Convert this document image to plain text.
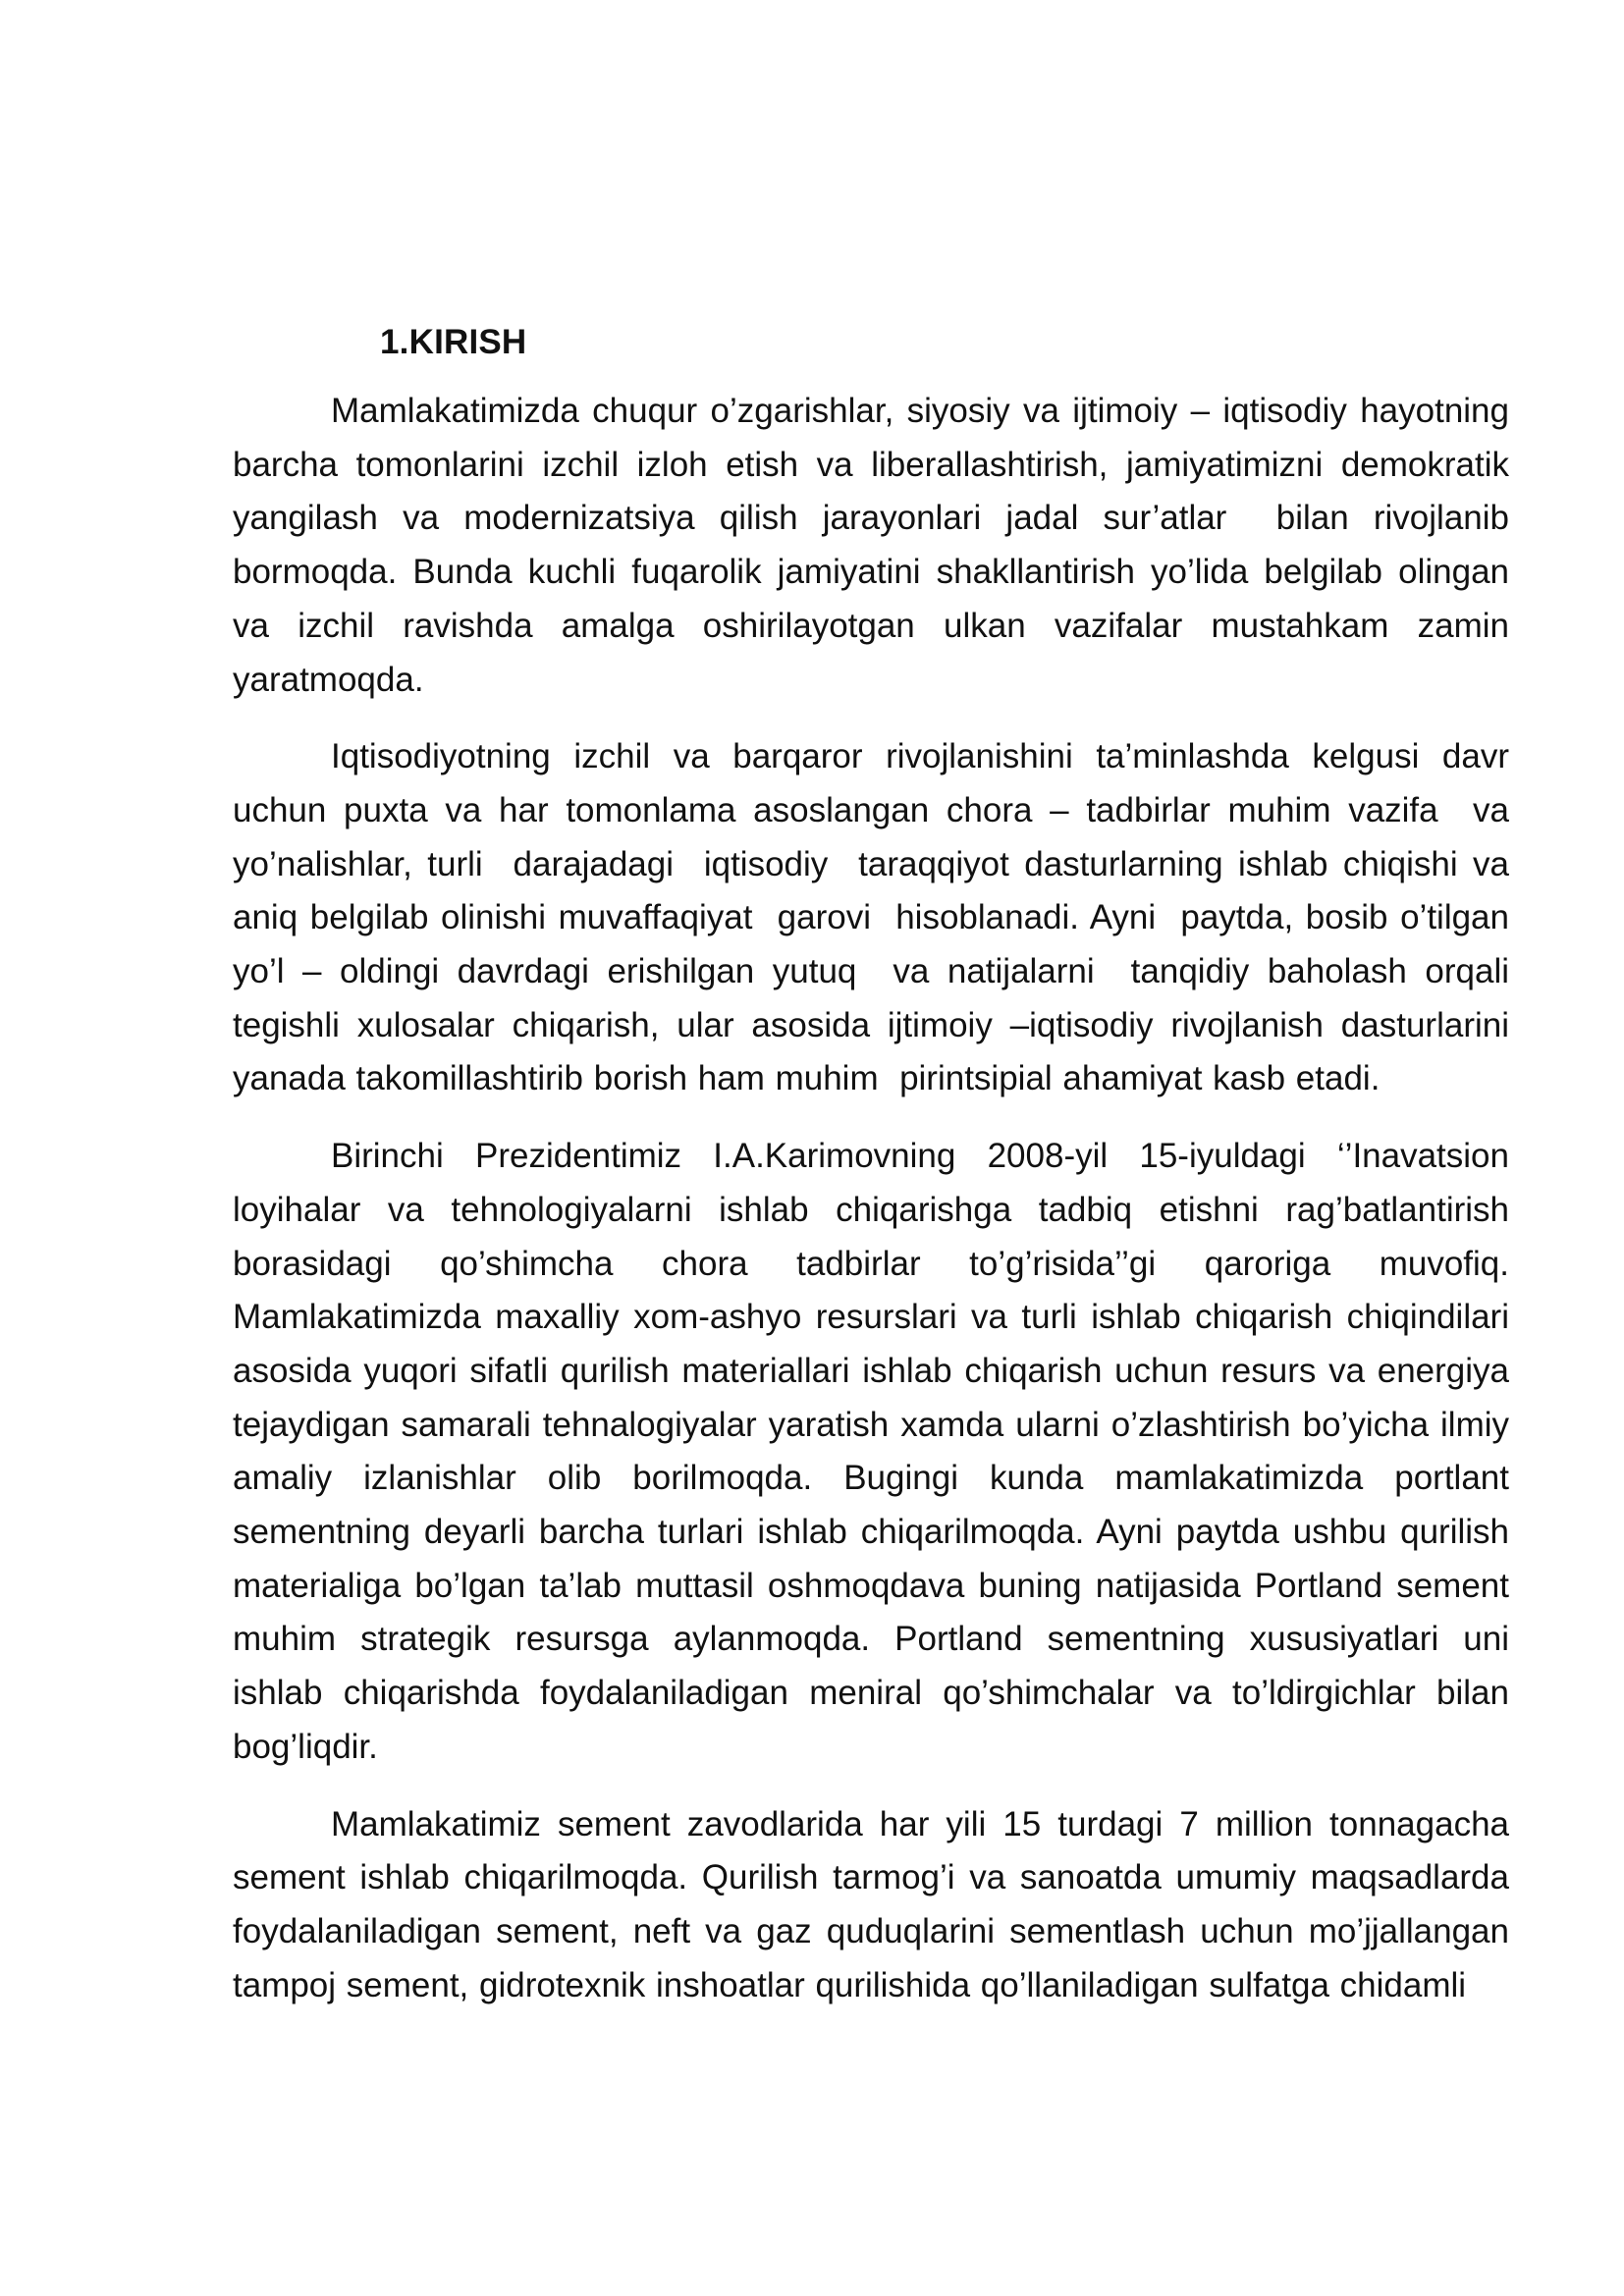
1.KIRISH

Mamlakatimizda chuqur o’zgarishlar, siyosiy va ijtimoiy – iqtisodiy hayotning  barcha tomonlarini izchil izloh etish va liberallashtirish, jamiyatimizni demokratik  yangilash va modernizatsiya qilish jarayonlari jadal sur’atlar  bilan rivojlanib  bormoqda. Bunda kuchli fuqarolik jamiyatini shakllantirish yo’lida belgilab olingan   va izchil ravishda amalga oshirilayotgan ulkan vazifalar mustahkam zamin  yaratmoqda.

Iqtisodiyotning izchil va barqaror rivojlanishini ta’minlashda kelgusi davr uchun puxta va har tomonlama asoslangan chora – tadbirlar muhim vazifa  va yo’nalishlar, turli  darajadagi  iqtisodiy  taraqqiyot dasturlarning ishlab chiqishi va aniq belgilab olinishi muvaffaqiyat  garovi  hisoblanadi. Ayni  paytda, bosib o’tilgan  yo’l – oldingi davrdagi erishilgan yutuq  va natijalarni  tanqidiy baholash orqali   tegishli xulosalar chiqarish, ular asosida ijtimoiy –iqtisodiy rivojlanish dasturlarini   yanada takomillashtirib borish ham muhim  pirintsipial ahamiyat kasb etadi.

Birinchi Prezidentimiz I.A.Karimovning 2008-yil 15-iyuldagi ‘’Inavatsion loyihalar va tehnologiyalarni ishlab chiqarishga tadbiq etishni rag’batlantirish borasidagi qo’shimcha chora tadbirlar to’g’risida’’gi qaroriga muvofiq. Mamlakatimizda maxalliy xom-ashyo resurslari va turli ishlab chiqarish chiqindilari asosida yuqori sifatli qurilish materiallari ishlab chiqarish uchun resurs va energiya tejaydigan samarali tehnalogiyalar yaratish xamda ularni o’zlashtirish bo’yicha ilmiy amaliy izlanishlar olib borilmoqda. Bugingi kunda mamlakatimizda portlant sementning deyarli barcha turlari ishlab chiqarilmoqda. Ayni paytda ushbu qurilish materialiga bo’lgan ta’lab muttasil oshmoqdava buning natijasida Portland sement muhim strategik resursga aylanmoqda. Portland sementning xususiyatlari uni ishlab chiqarishda foydalaniladigan meniral qo’shimchalar va to’ldirgichlar bilan bog’liqdir.

Mamlakatimiz sement zavodlarida har yili 15 turdagi 7 million tonnagacha sement ishlab chiqarilmoqda. Qurilish tarmog’i va sanoatda umumiy maqsadlarda foydalaniladigan sement, neft va gaz quduqlarini sementlash uchun mo’jjallangan tampoj sement, gidrotexnik inshoatlar qurilishida qo’llaniladigan sulfatga chidamli
